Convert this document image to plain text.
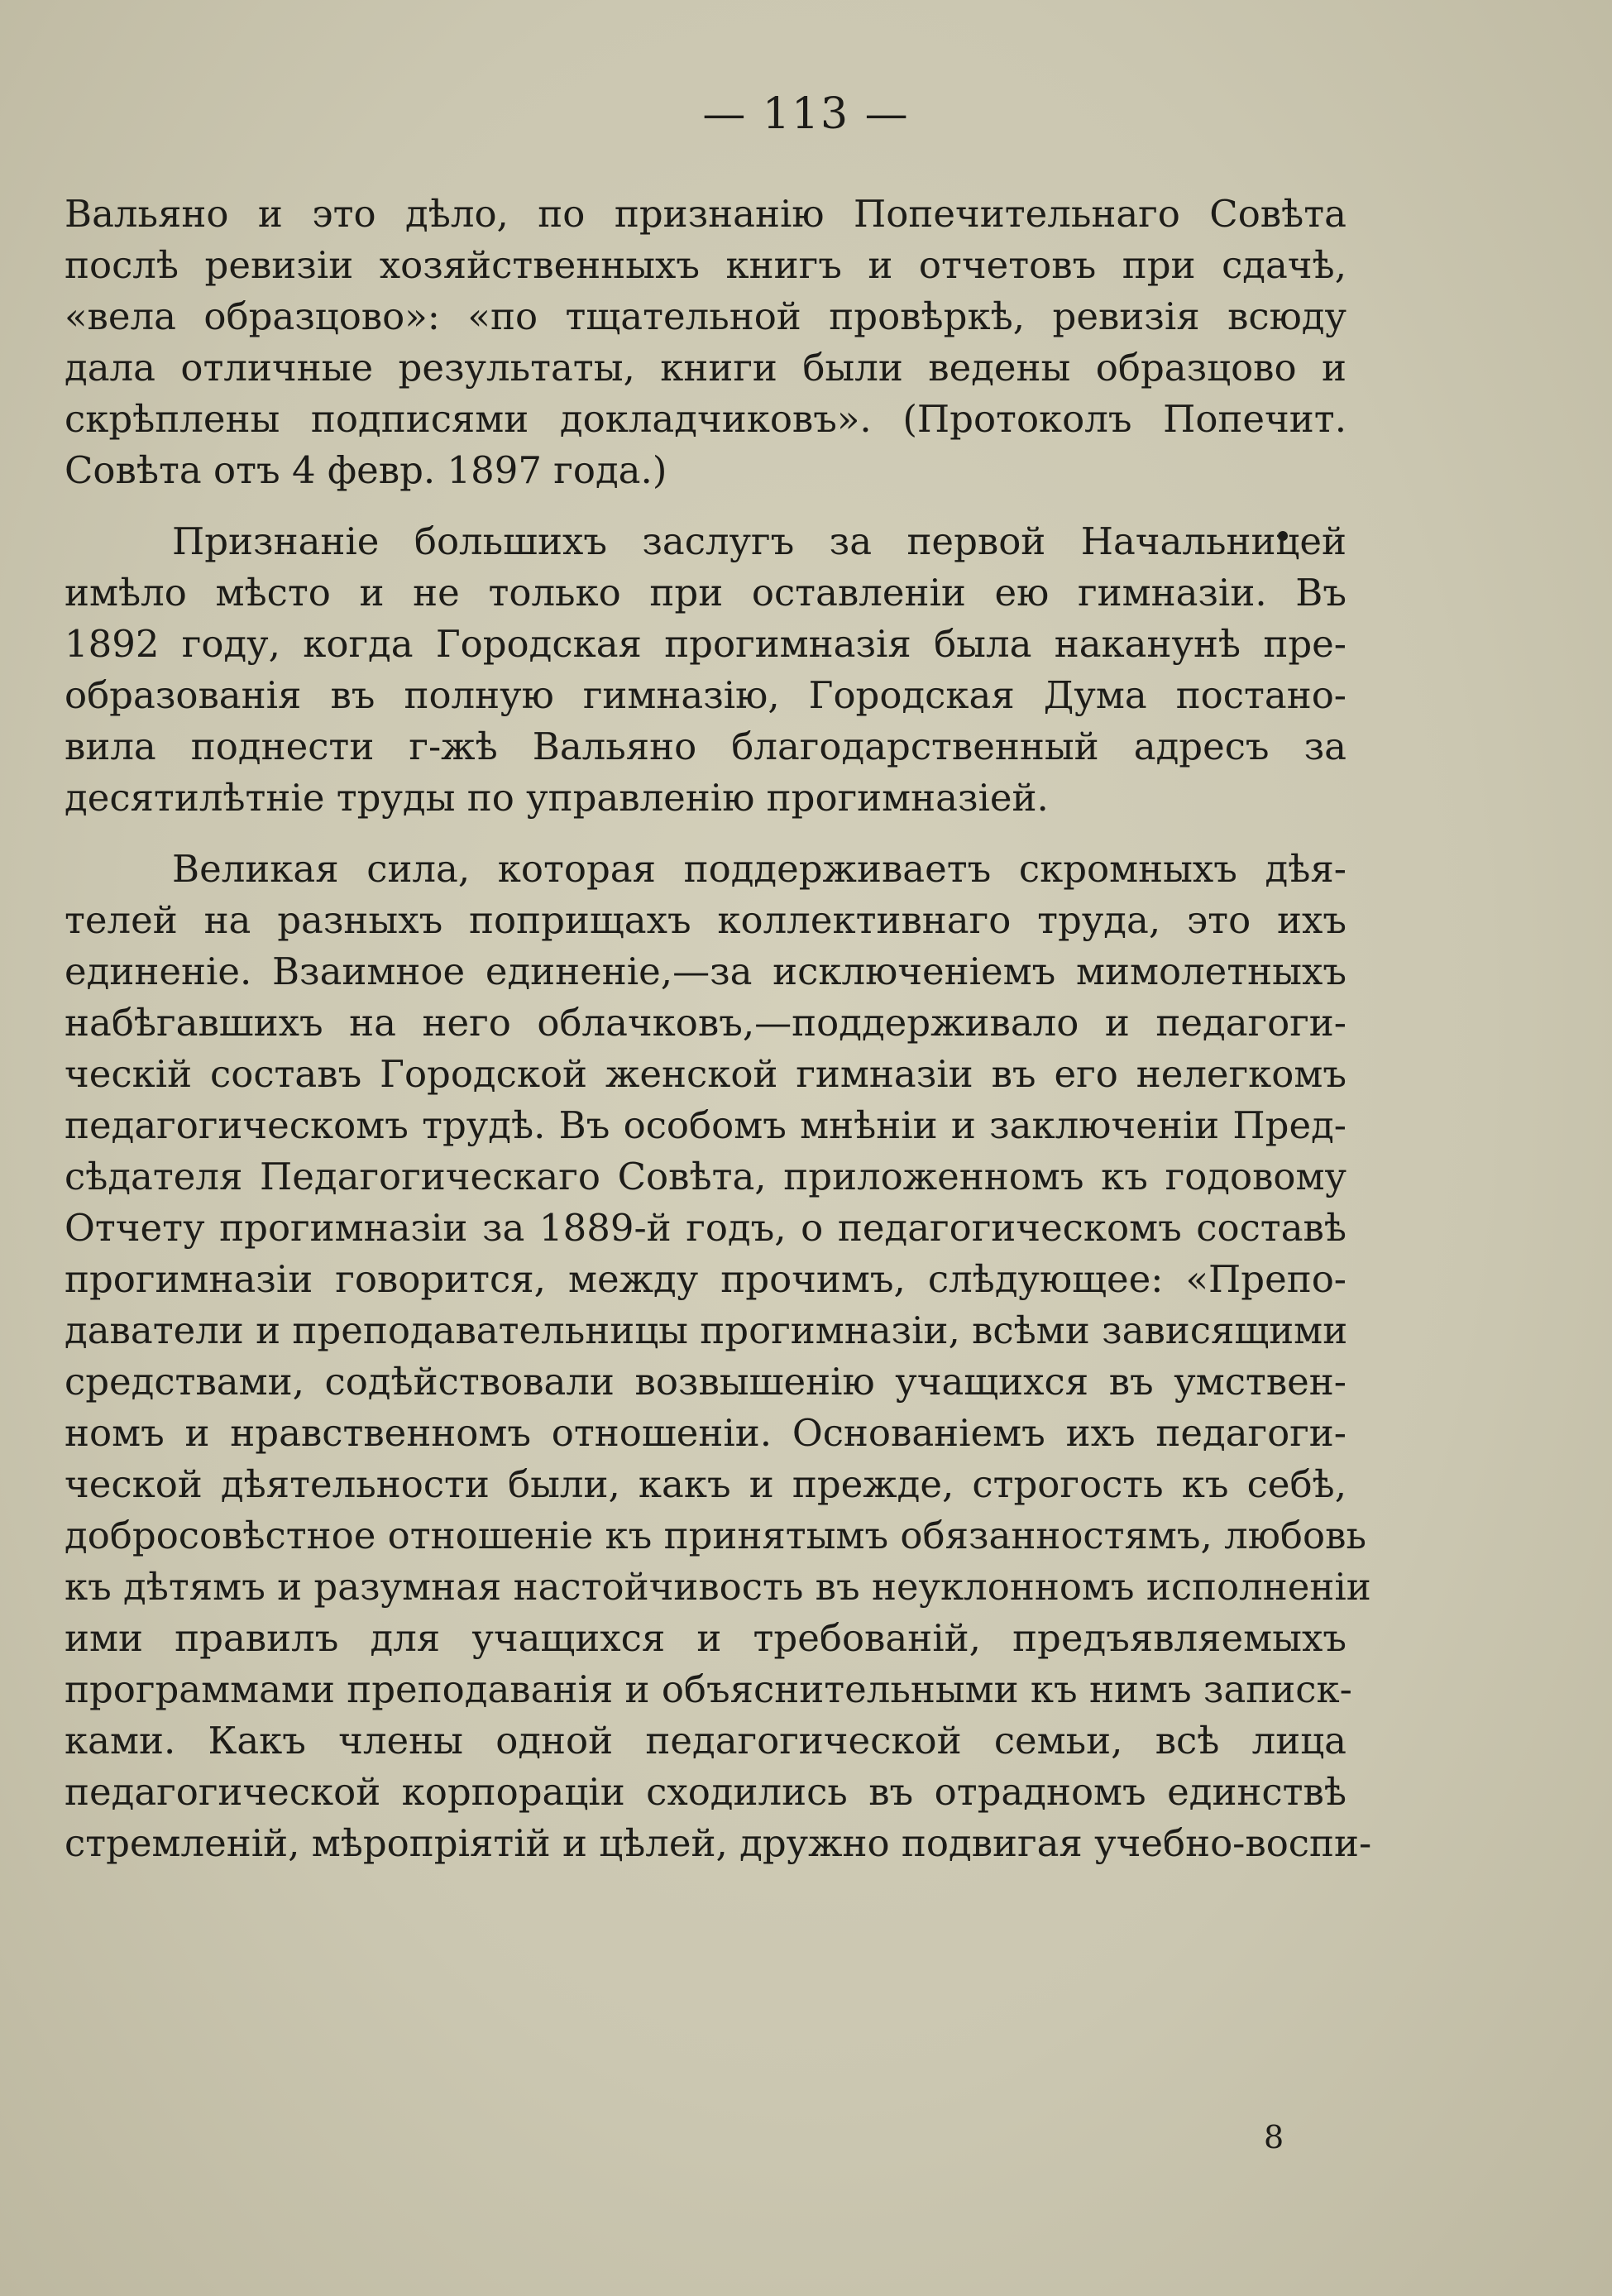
— 113 —
Вальяно и это дѣло, по признанію Попечительнаго Совѣта
послѣ ревизіи хозяйственныхъ книгъ и отчетовъ при сдачѣ,
«вела образцово»: «по тщательной провѣркѣ, ревизія всюду
дала отличные результаты, книги были ведены образцово и
скрѣплены подписями докладчиковъ». (Протоколъ Попечит.
Совѣта отъ 4 февр. 1897 года.)
Признаніе большихъ заслугъ за первой Начальницей
имѣло мѣсто и не только при оставленіи ею гимназіи. Въ
1892 году, когда Городская прогимназія была наканунѣ пре-
образованія въ полную гимназію, Городская Дума постано-
вила поднести г-жѣ Вальяно благодарственный адресъ за
десятилѣтніе труды по управленію прогимназіей.
Великая сила, которая поддерживаетъ скромныхъ дѣя-
телей на разныхъ поприщахъ коллективнаго труда, это ихъ
единеніе. Взаимное единеніе,—за исключеніемъ мимолетныхъ
набѣгавшихъ на него облачковъ,—поддерживало и педагоги-
ческій составъ Городской женской гимназіи въ его нелегкомъ
педагогическомъ трудѣ. Въ особомъ мнѣніи и заключеніи Пред-
сѣдателя Педагогическаго Совѣта, приложенномъ къ годовому
Отчету прогимназіи за 1889-й годъ, о педагогическомъ составѣ
прогимназіи говорится, между прочимъ, слѣдующее: «Препо-
даватели и преподавательницы прогимназіи, всѣми зависящими
средствами, содѣйствовали возвышенію учащихся въ умствен-
номъ и нравственномъ отношеніи. Основаніемъ ихъ педагоги-
ческой дѣятельности были, какъ и прежде, строгость къ себѣ,
добросовѣстное отношеніе къ принятымъ обязанностямъ, любовь
къ дѣтямъ и разумная настойчивость въ неуклонномъ исполненіи
ими правилъ для учащихся и требованій, предъявляемыхъ
программами преподаванія и объяснительными къ нимъ записк-
ками. Какъ члены одной педагогической семьи, всѣ лица
педагогической корпораціи сходились въ отрадномъ единствѣ
стремленій, мѣропріятій и цѣлей, дружно подвигая учебно-воспи-
8
